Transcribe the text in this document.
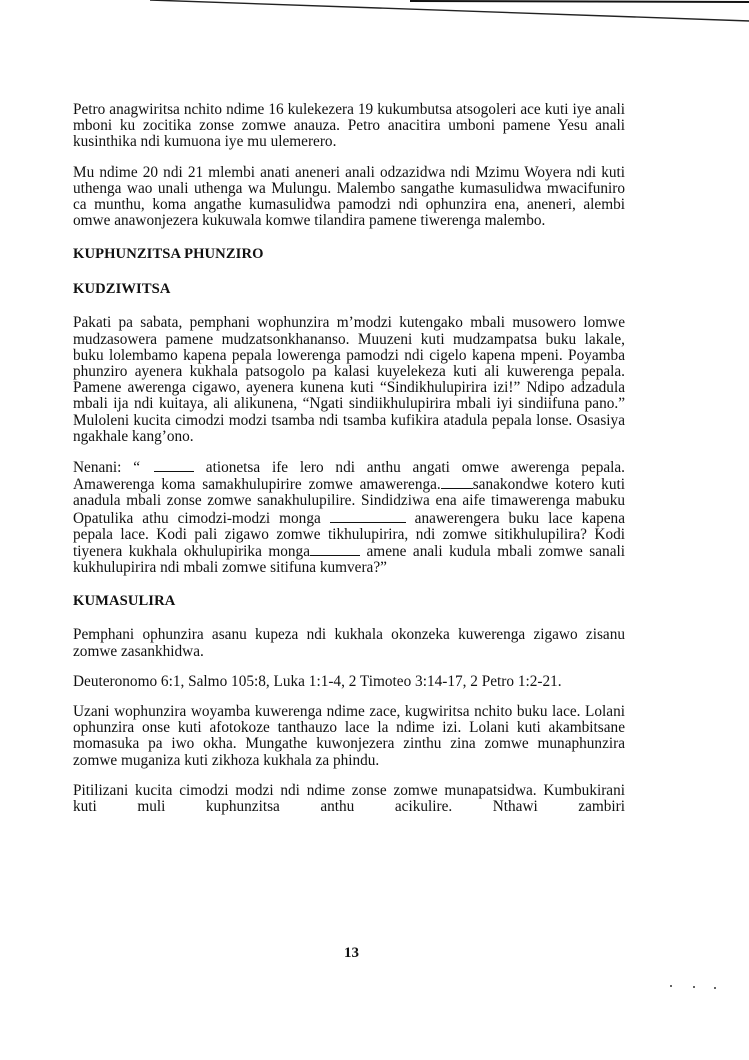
Petro anagwiritsa nchito ndime 16 kulekezera 19 kukumbutsa atsogoleri ace kuti iye anali mboni ku zocitika zonse zomwe anauza. Petro anacitira umboni pamene Yesu anali kusinthika ndi kumuona iye mu ulemerero.

Mu ndime 20 ndi 21 mlembi anati aneneri anali odzazidwa ndi Mzimu Woyera ndi kuti uthenga wao unali uthenga wa Mulungu. Malembo sangathe kumasulidwa mwacifuniro ca munthu, koma angathe kumasulidwa pamodzi ndi ophunzira ena, aneneri, alembi omwe anawonjezera kukuwala komwe tilandira pamene tiwerenga malembo.

KUPHUNZITSA PHUNZIRO
KUDZIWITSA

Pakati pa sabata, pemphani wophunzira m’modzi kutengako mbali musowero lomwe mudzasowera pamene mudzatsonkhananso. Muuzeni kuti mudzampatsa buku lakale, buku lolembamo kapena pepala lowerenga pamodzi ndi cigelo kapena mpeni. Poyamba phunziro ayenera kukhala patsogolo pa kalasi kuyelekeza kuti ali kuwerenga pepala. Pamene awerenga cigawo, ayenera kunena kuti “Sindikhulupirira izi!” Ndipo adzadula mbali ija ndi kuitaya, ali alikunena, “Ngati sindiikhulupirira mbali iyi sindiifuna pano.” Muloleni kucita cimodzi modzi tsamba ndi tsamba kufikira atadula pepala lonse. Osasiya ngakhale kang’ono.

Nenani: “	ationetsa ife lero ndi anthu angati omwe awerenga pepala. Amawerenga koma samakhulupirire zomwe amawerenga. sanakondwe kotero kuti anadula mbali zonse zomwe sanakhulupilire. Sindidziwa ena aife timawerenga mabuku Opatulika athu cimodzi-modzi monga	anawerengera buku lace kapena pepala lace. Kodi pali zigawo zomwe tikhulupirira, ndi zomwe sitikhulupilira? Kodi tiyenera kukhala okhulupirika monga	amene anali kudula mbali zomwe sanali kukhulupirira ndi mbali zomwe sitifuna kumvera?”

KUMASULIRA

Pemphani ophunzira asanu kupeza ndi kukhala okonzeka kuwerenga zigawo zisanu zomwe zasankhidwa.

Deuteronomo 6:1, Salmo 105:8, Luka 1:1-4, 2 Timoteo 3:14-17, 2 Petro 1:2-21.

Uzani wophunzira woyamba kuwerenga ndime zace, kugwiritsa nchito buku lace. Lolani ophunzira onse kuti afotokoze tanthauzo lace la ndime izi. Lolani kuti akambitsane momasuka pa iwo okha. Mungathe kuwonjezera zinthu zina zomwe munaphunzira zomwe muganiza kuti zikhoza kukhala za phindu.

Pitilizani kucita cimodzi modzi ndi ndime zonse zomwe munapatsidwa. Kumbukirani kuti muli kuphunzitsa anthu acikulire. Nthawi zambiri

13
